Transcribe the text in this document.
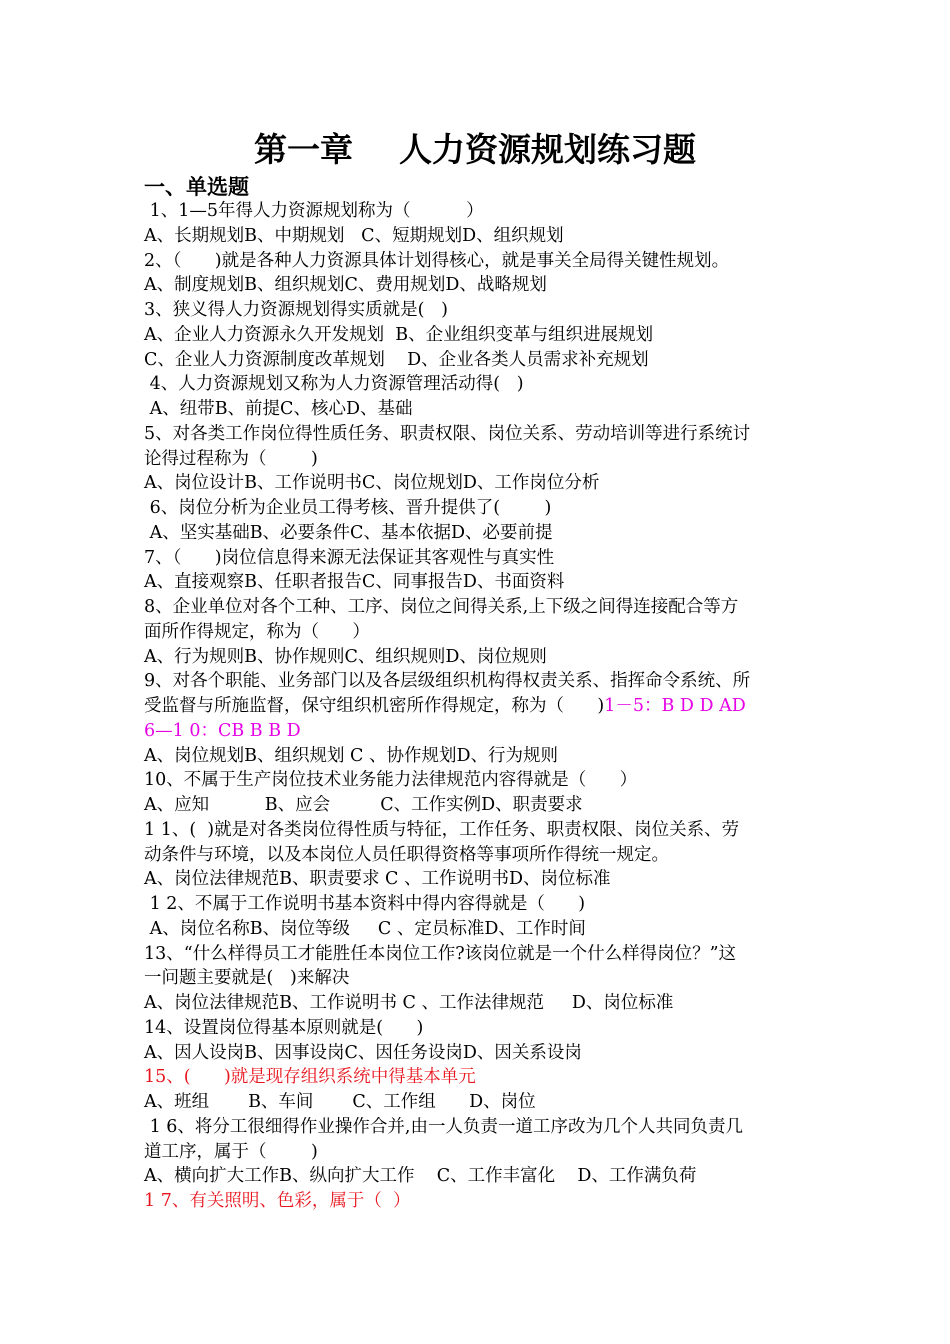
第一章    人力资源规划练习题
一、单选题
1、1—5年得人力资源规划称为（          ）
A、长期规划B、中期规划   C、短期规划D、组织规划
2、（      )就是各种人力资源具体计划得核心，就是事关全局得关键性规划。
A、制度规划B、组织规划C、费用规划D、战略规划
3、狭义得人力资源规划得实质就是(   )
A、企业人力资源永久开发规划  B、企业组织变革与组织进展规划
C、企业人力资源制度改革规划    D、企业各类人员需求补充规划
4、人力资源规划又称为人力资源管理活动得(   )
A、纽带B、前提C、核心D、基础
5、对各类工作岗位得性质任务、职责权限、岗位关系、劳动培训等进行系统讨
论得过程称为（        )
A、岗位设计B、工作说明书C、岗位规划D、工作岗位分析
6、岗位分析为企业员工得考核、晋升提供了(        )
A、坚实基础B、必要条件C、基本依据D、必要前提
7、（      )岗位信息得来源无法保证其客观性与真实性
A、直接观察B、任职者报告C、同事报告D、书面资料
8、企业单位对各个工种、工序、岗位之间得关系,上下级之间得连接配合等方
面所作得规定，称为（      ）
A、行为规则B、协作规则C、组织规则D、岗位规则
9、对各个职能、业务部门以及各层级组织机构得权责关系、指挥命令系统、所
受监督与所施监督，保守组织机密所作得规定，称为（      )1－5：B D D AD
6—1 0：CB B B D
A、岗位规划B、组织规划 C 、协作规划D、行为规则
10、不属于生产岗位技术业务能力法律规范内容得就是（      ）
A、应知          B、应会         C、工作实例D、职责要求
1 1、(  )就是对各类岗位得性质与特征，工作任务、职责权限、岗位关系、劳
动条件与环境，以及本岗位人员任职得资格等事项所作得统一规定。
A、岗位法律规范B、职责要求 C 、工作说明书D、岗位标准
1 2、不属于工作说明书基本资料中得内容得就是（      )
A、岗位名称B、岗位等级     C 、定员标准D、工作时间
13、“什么样得员工才能胜任本岗位工作?该岗位就是一个什么样得岗位？”这
一问题主要就是(   )来解决
A、岗位法律规范B、工作说明书 C 、工作法律规范     D、岗位标准
14、设置岗位得基本原则就是(      )
A、因人设岗B、因事设岗C、因任务设岗D、因关系设岗
15、(      )就是现存组织系统中得基本单元
A、班组       B、车间       C、工作组      D、岗位
1 6、将分工很细得作业操作合并,由一人负责一道工序改为几个人共同负责几
道工序，属于（        )
A、横向扩大工作B、纵向扩大工作    C、工作丰富化    D、工作满负荷
1 7、有关照明、色彩，属于（  ）
